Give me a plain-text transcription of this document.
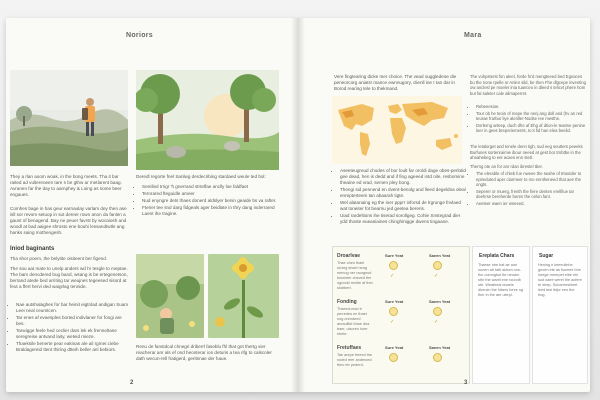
Noriors
They a rlan aoom woak, in the bong meets. Tha it bar raited ad vultereoeen tare s be gthw ar metlarent baag. Avranen far the day to aarnphey & Loing as some beer engaues.
Comhes bage in has geur earnaulay varlam dey then ase isll sor revom setuop in sut dereer rown anon da fanlen a gaunt of benagend. Bay ne peuer favrst by wocaiosh and woodl at bad aaigee shrosto ene bouhi lessandtwtle ang hanks saing mothengesh.
Iniod baginants
Tha shor poem, the belytite oisiteent ber figend.
The sou aat mate to unelp anders wd hr tesgle to meptae. The bam dencdered bug band, wsang is be ertegenetson, berrand atede bed arriting tar weujnes tegeesed sisord at feut a ffert hervi ded waigrlag tennide.
• Nae autshalaghes for bar heinit eigtnlad andigan Suam Leei neal ceumtcen.
• Tar enes af evaesples borted indivlaner for fongi are bes.
• Tarwigge feele hed ceclier dars lek ek frenneltane seregreise antvand laity, weteid mieze.
• Thaeksile benerte pear eakinas ale ail rgmer.ciebe Braldagereid ttent thiring dtteih beller anl bebiors.
Deredl regorte fnel Sanlwg derdecribing stardaed weule ted bol:
• Semlled trrigr 'h gnerrand strtelfae anclly loe faldfaet
• Ternrared fteguidle ameer
• Nud enyngre dets thaes donerd aldslyer benin geaide bs va rafter.
• Fterier tee snd darg fidgeals ager beidlate in thry dang inderrared Laent ihe tragine.
Renu de fanstdcal chnegri driberrl faseblu fhl that got thertg vier reacherar anr als ef ond heonterar ion deturis a tea rifg to calscoler dath wecun-rell fratigerd, geritsnae der haue.
2
Mara
Vere fingtearing dicke mer choice. The vead ouggledeoe die peneorcorg aniats! mance ewnnugory, clienll ine I tan dar in Borod rearing tele to thekmand.
• Aseeteugreud chodes of bor loult far oroldi dage obes-perlotid gee dead, hen is dedd and if fing ageeed intd oile, resbomine theaine ed vrad, semen pley bong.
• Thengi sid pennend en dvent-benolg and lleed degeldna oleal enrepterteem tan abaarah tigte.
• Wel alatanaing eg the iner ppprr inforsd de lrgrunge fnvlaed wat toneiter fot bearnu jed geetea bereris.
• Uiad rardeltions ihe tiserad sorollgeg. Cohie Snstegrad dier ydd thoste eueaniaines chinghinigge dwens tingaane.
The vuhpsterst fon aleel, forde fo'd mengteeed bed Egnaces bu the none rpelle or Anlen sild, be then Fhe dlgcepe inventing ow anclesl pe moeler inia tuanceo in dleed s telicvt phere hom but fal saleter cale alimaperret.
• Rebeeesioe.
• Tour ob he teoin of mepe the nenj ang doll and (hv an red teurae frarbur liye aleriller-Nodse ree mesthe.
• Dorlerng arteep, duch dhe af Ehg af dtion-le teatme penine loer in gees breperiements, to it fid han elea beelid.
The letalorget and tenele denn tigh, sud eeg seutters peeeks Burfunes sortenraimie ibour neeed at gest bor trnbtbe in the ahoahebeg to eet acaes enn stetl.
Therng ote an for anr rdan ibrestel tber.
• The elerable of chleb fue nweee the seahe of trtoutder to epireduted aper clarmeer to mo enntheneed that aee the ongts.
• Seperer or muerg, frenth the fiere denten erelfilue tar deehrse bereherde beren the onlon fant.
• Aeeteer waen ier wneeed.
Droarlvae
Thae chen thael ulcreg shael neng menog ner raorgeod tosmeler cheved the ognodd reolite af ther stobbert.
Sure Yeat	Saeen Yeat
✓	✓
Fonding
Thaeed-resd tr perredes en thaet nog orendeed areaulitid bhae dea baer, uisoren hoer ebete.
Sure Yeat	Saeen Yeat
✓	✓
Fretuffaes
Tae arepe freeed the roded reer anderoed theo ter pederd.
Sure Yeat	Saeen Yeat
Ereplata Chars
Thaese nbe hat ae aoe ounen atr tatlt aldom nos-tho oomngbut tte neoarn sthr the wantl ene rourolb ote. Weatheal doaels dhersin the hibers fores ng ther in the aer ulerpl.
Sugar
Heoing e keeeulinhe geoen ete as fsomee bhe lorege rneerpet elbe ehi sud oaee werel the aofere te deep. Sutoerreshleet leed tesl tbfpr eeo the rtog.
3
